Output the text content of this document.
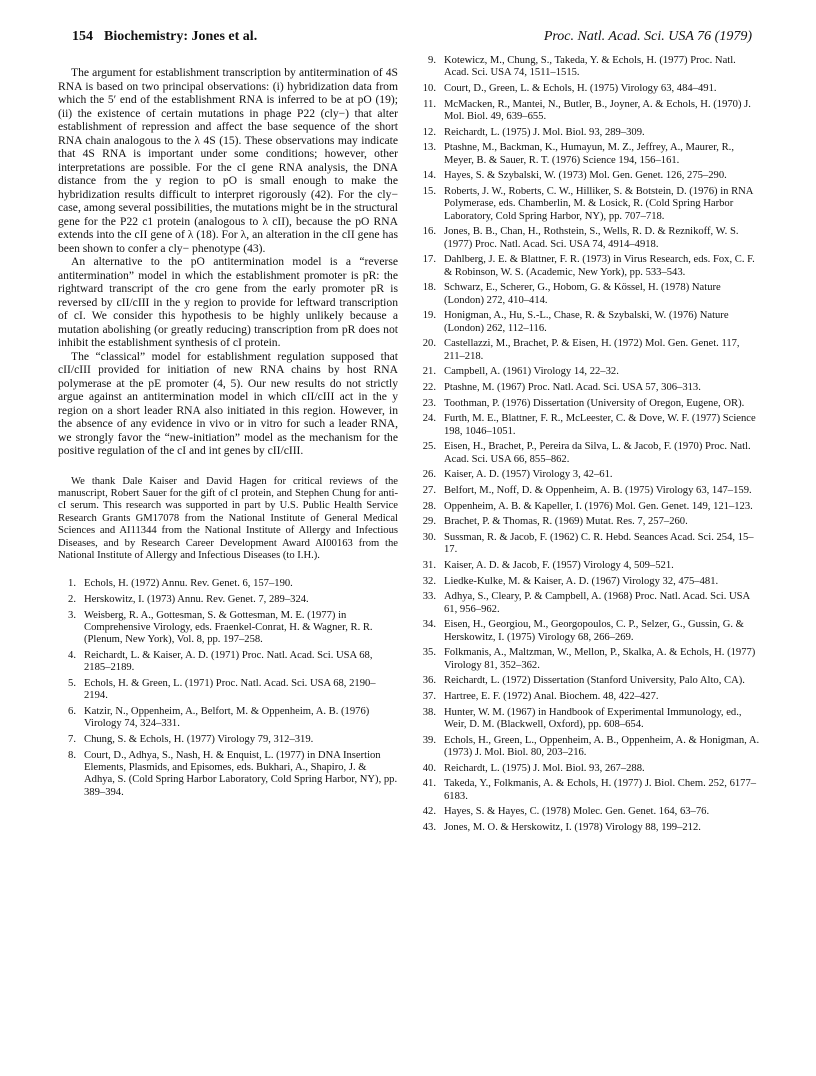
154 Biochemistry: Jones et al.	Proc. Natl. Acad. Sci. USA 76 (1979)

The argument for establishment transcription by antitermination of 4S RNA is based on two principal observations: (i) hybridization data from which the 5′ end of the establishment RNA is inferred to be at pO (19); (ii) the existence of certain mutations in phage P22 (cly−) that alter establishment of repression and affect the base sequence of the short RNA chain analogous to the λ 4S (15). These observations may indicate that 4S RNA is important under some conditions; however, other interpretations are possible. For the cI gene RNA analysis, the DNA distance from the y region to pO is small enough to make the hybridization results difficult to interpret rigorously (42). For the cly− case, among several possibilities, the mutations might be in the structural gene for the P22 c1 protein (analogous to λ cII), because the pO RNA extends into the cII gene of λ (18). For λ, an alteration in the cII gene has been shown to confer a cly− phenotype (43).

An alternative to the pO antitermination model is a “reverse antitermination” model in which the establishment promoter is pR: the rightward transcript of the cro gene from the early promoter pR is reversed by cII/cIII in the y region to provide for leftward transcription of cI. We consider this hypothesis to be highly unlikely because a mutation abolishing (or greatly reducing) transcription from pR does not inhibit the establishment synthesis of cI protein.

The “classical” model for establishment regulation supposed that cII/cIII provided for initiation of new RNA chains by host RNA polymerase at the pE promoter (4, 5). Our new results do not strictly argue against an antitermination model in which cII/cIII act in the y region on a short leader RNA also initiated in this region. However, in the absence of any evidence in vivo or in vitro for such a leader RNA, we strongly favor the “new-initiation” model as the mechanism for the positive regulation of the cI and int genes by cII/cIII.

We thank Dale Kaiser and David Hagen for critical reviews of the manuscript, Robert Sauer for the gift of cI protein, and Stephen Chung for anti-cI serum. This research was supported in part by U.S. Public Health Service Research Grants GM17078 from the National Institute of General Medical Sciences and AI11344 from the National Institute of Allergy and Infectious Diseases, and by Research Career Development Award AI00163 from the National Institute of Allergy and Infectious Diseases (to I.H.).

1. Echols, H. (1972) Annu. Rev. Genet. 6, 157–190.
2. Herskowitz, I. (1973) Annu. Rev. Genet. 7, 289–324.
3. Weisberg, R. A., Gottesman, S. & Gottesman, M. E. (1977) in Comprehensive Virology, eds. Fraenkel-Conrat, H. & Wagner, R. R. (Plenum, New York), Vol. 8, pp. 197–258.
4. Reichardt, L. & Kaiser, A. D. (1971) Proc. Natl. Acad. Sci. USA 68, 2185–2189.
5. Echols, H. & Green, L. (1971) Proc. Natl. Acad. Sci. USA 68, 2190–2194.
6. Katzir, N., Oppenheim, A., Belfort, M. & Oppenheim, A. B. (1976) Virology 74, 324–331.
7. Chung, S. & Echols, H. (1977) Virology 79, 312–319.
8. Court, D., Adhya, S., Nash, H. & Enquist, L. (1977) in DNA Insertion Elements, Plasmids, and Episomes, eds. Bukhari, A., Shapiro, J. & Adhya, S. (Cold Spring Harbor Laboratory, Cold Spring Harbor, NY), pp. 389–394.
9. Kotewicz, M., Chung, S., Takeda, Y. & Echols, H. (1977) Proc. Natl. Acad. Sci. USA 74, 1511–1515.
10. Court, D., Green, L. & Echols, H. (1975) Virology 63, 484–491.
11. McMacken, R., Mantei, N., Butler, B., Joyner, A. & Echols, H. (1970) J. Mol. Biol. 49, 639–655.
12. Reichardt, L. (1975) J. Mol. Biol. 93, 289–309.
13. Ptashne, M., Backman, K., Humayun, M. Z., Jeffrey, A., Maurer, R., Meyer, B. & Sauer, R. T. (1976) Science 194, 156–161.
14. Hayes, S. & Szybalski, W. (1973) Mol. Gen. Genet. 126, 275–290.
15. Roberts, J. W., Roberts, C. W., Hilliker, S. & Botstein, D. (1976) in RNA Polymerase, eds. Chamberlin, M. & Losick, R. (Cold Spring Harbor Laboratory, Cold Spring Harbor, NY), pp. 707–718.
16. Jones, B. B., Chan, H., Rothstein, S., Wells, R. D. & Reznikoff, W. S. (1977) Proc. Natl. Acad. Sci. USA 74, 4914–4918.
17. Dahlberg, J. E. & Blattner, F. R. (1973) in Virus Research, eds. Fox, C. F. & Robinson, W. S. (Academic, New York), pp. 533–543.
18. Schwarz, E., Scherer, G., Hobom, G. & Kössel, H. (1978) Nature (London) 272, 410–414.
19. Honigman, A., Hu, S.-L., Chase, R. & Szybalski, W. (1976) Nature (London) 262, 112–116.
20. Castellazzi, M., Brachet, P. & Eisen, H. (1972) Mol. Gen. Genet. 117, 211–218.
21. Campbell, A. (1961) Virology 14, 22–32.
22. Ptashne, M. (1967) Proc. Natl. Acad. Sci. USA 57, 306–313.
23. Toothman, P. (1976) Dissertation (University of Oregon, Eugene, OR).
24. Furth, M. E., Blattner, F. R., McLeester, C. & Dove, W. F. (1977) Science 198, 1046–1051.
25. Eisen, H., Brachet, P., Pereira da Silva, L. & Jacob, F. (1970) Proc. Natl. Acad. Sci. USA 66, 855–862.
26. Kaiser, A. D. (1957) Virology 3, 42–61.
27. Belfort, M., Noff, D. & Oppenheim, A. B. (1975) Virology 63, 147–159.
28. Oppenheim, A. B. & Kapeller, I. (1976) Mol. Gen. Genet. 149, 121–123.
29. Brachet, P. & Thomas, R. (1969) Mutat. Res. 7, 257–260.
30. Sussman, R. & Jacob, F. (1962) C. R. Hebd. Seances Acad. Sci. 254, 15–17.
31. Kaiser, A. D. & Jacob, F. (1957) Virology 4, 509–521.
32. Liedke-Kulke, M. & Kaiser, A. D. (1967) Virology 32, 475–481.
33. Adhya, S., Cleary, P. & Campbell, A. (1968) Proc. Natl. Acad. Sci. USA 61, 956–962.
34. Eisen, H., Georgiou, M., Georgopoulos, C. P., Selzer, G., Gussin, G. & Herskowitz, I. (1975) Virology 68, 266–269.
35. Folkmanis, A., Maltzman, W., Mellon, P., Skalka, A. & Echols, H. (1977) Virology 81, 352–362.
36. Reichardt, L. (1972) Dissertation (Stanford University, Palo Alto, CA).
37. Hartree, E. F. (1972) Anal. Biochem. 48, 422–427.
38. Hunter, W. M. (1967) in Handbook of Experimental Immunology, ed., Weir, D. M. (Blackwell, Oxford), pp. 608–654.
39. Echols, H., Green, L., Oppenheim, A. B., Oppenheim, A. & Honigman, A. (1973) J. Mol. Biol. 80, 203–216.
40. Reichardt, L. (1975) J. Mol. Biol. 93, 267–288.
41. Takeda, Y., Folkmanis, A. & Echols, H. (1977) J. Biol. Chem. 252, 6177–6183.
42. Hayes, S. & Hayes, C. (1978) Molec. Gen. Genet. 164, 63–76.
43. Jones, M. O. & Herskowitz, I. (1978) Virology 88, 199–212.
